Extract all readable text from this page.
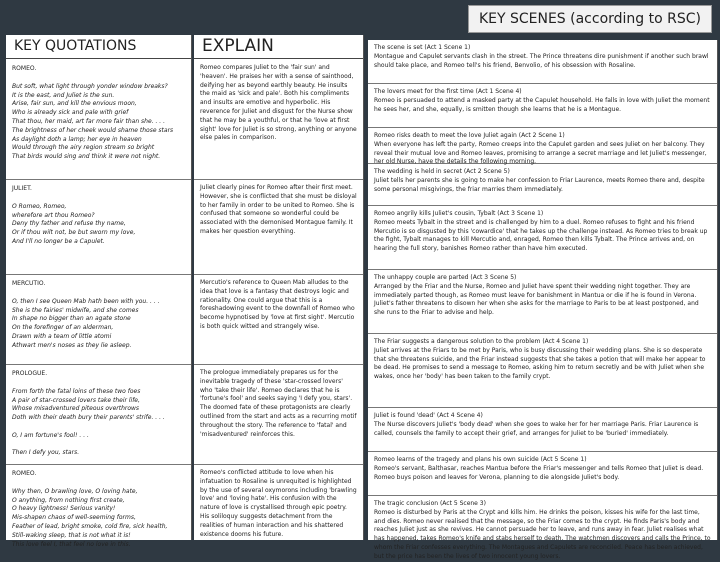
KEY SCENES (according to RSC)
KEY QUOTATIONS
ROMEO.
But soft, what light through yonder window breaks?
It is the east, and Juliet is the sun.
Arise, fair sun, and kill the envious moon,
Who is already sick and pale with grief
That thou, her maid, art far more fair than she. . . .
The brightness of her cheek would shame those stars
As daylight doth a lamp; her eye in heaven
Would through the airy region stream so bright
That birds would sing and think it were not night.
JULIET.
O Romeo, Romeo,
wherefore art thou Romeo?
Deny thy father and refuse thy name,
Or if thou wilt not, be but sworn my love,
And I'll no longer be a Capulet.
MERCUTIO.
O, then I see Queen Mab hath been with you. . . .
She is the fairies' midwife, and she comes
In shape no bigger than an agate stone
On the forefinger of an alderman,
Drawn with a team of little atomi
Athwart men's noses as they lie asleep.
PROLOGUE.
From forth the fatal loins of these two foes
A pair of star-crossed lovers take their life,
Whose misadventured piteous overthrows
Doth with their death bury their parents' strife. . . .

O, I am fortune's fool! . . .

Then I defy you, stars.
ROMEO.
Why then, O brawling love, O loving hate,
O anything, from nothing first create,
O heavy lightness! Serious vanity!
Mis-shapen chaos of well-seeming forms,
Feather of lead, bright smoke, cold fire, sick health,
Still-waking sleep, that is not what it is!
This love feel I, that feel no love in this.
EXPLAIN
Romeo compares Juliet to the 'fair sun' and 'heaven'. He praises her with a sense of sainthood, deifying her as beyond earthly beauty. He insults the maid as 'sick and pale'. Both his compliments and insults are emotive and hyperbolic. His reverence for Juliet and disgust for the Nurse show that he may be a youthful, or that he 'love at first sight' love for Juliet is so strong, anything or anyone else pales in comparison.
Juliet clearly pines for Romeo after their first meet. However, she is conflicted that she must be disloyal to her family in order to be united to Romeo. She is confused that someone so wonderful could be associated with the demonised Montague family. It makes her question everything.
Mercutio's reference to Queen Mab alludes to the idea that love is a fantasy that destroys logic and rationality. One could argue that this is a foreshadowing event to the downfall of Romeo who become hypnotised by 'love at first sight'. Mercutio is both quick witted and strangely wise.
The prologue immediately prepares us for the inevitable tragedy of these 'star-crossed lovers' who 'take their life'. Romeo declares that he is 'fortune's fool' and seeks saying 'I defy you, stars'. The doomed fate of these protagonists are clearly outlined from the start and acts as a recurring motif throughout the story. The reference to 'fatal' and 'misadventured' reinforces this.
Romeo's conflicted attitude to love when his infatuation to Rosaline is unrequited is highlighted by the use of several oxymorons including 'brawling love' and 'loving hate'. His confusion with the nature of love is crystallised through epic poetry. His soliloquy suggests detachment from the realities of human interaction and his shattered existence dooms his future.
The scene is set (Act 1 Scene 1)
Montague and Capulet servants clash in the street. The Prince threatens dire punishment if another such brawl should take place, and Romeo tell's his friend, Benvolio, of his obsession with Rosaline.
The lovers meet for the first time (Act 1 Scene 4)
Romeo is persuaded to attend a masked party at the Capulet household. He falls in love with Juliet the moment he sees her, and she, equally, is smitten though she learns that he is a Montague.
Romeo risks death to meet the love Juliet again (Act 2 Scene 1)
When everyone has left the party, Romeo creeps into the Capulet garden and sees Juliet on her balcony. They reveal their mutual love and Romeo leaves, promising to arrange a secret marriage and let Juliet's messenger, her old Nurse, have the details the following morning.
The wedding is held in secret (Act 2 Scene 5)
Juliet tells her parents she is going to make her confession to Friar Laurence, meets Romeo there and, despite some personal misgivings, the friar marries them immediately.
Romeo angrily kills Juliet's cousin, Tybalt (Act 3 Scene 1)
Romeo meets Tybalt in the street and is challenged by him to a duel. Romeo refuses to fight and his friend Mercutio is so disgusted by this 'cowardice' that he takes up the challenge instead. As Romeo tries to break up the fight, Tybalt manages to kill Mercutio and, enraged, Romeo then kills Tybalt. The Prince arrives and, on hearing the full story, banishes Romeo rather than have him executed.
The unhappy couple are parted (Act 3 Scene 5)
Arranged by the Friar and the Nurse, Romeo and Juliet have spent their wedding night together. They are immediately parted though, as Romeo must leave for banishment in Mantua or die if he is found in Verona. Juliet's father threatens to disown her when she asks for the marriage to Paris to be at least postponed, and she runs to the Friar to advise and help.
The Friar suggests a dangerous solution to the problem (Act 4 Scene 1)
Juliet arrives at the Friars to be met by Paris, who is busy discussing their wedding plans. She is so desperate that she threatens suicide, and the Friar instead suggests that she takes a potion that will make her appear to be dead. He promises to send a message to Romeo, asking him to return secretly and be with Juliet when she wakes, once her 'body' has been taken to the family crypt.
Juliet is found 'dead' (Act 4 Scene 4)
The Nurse discovers Juliet's 'body dead' when she goes to wake her for her marriage Paris. Friar Laurence is called, counsels the family to accept their grief, and arranges for Juliet to be 'buried' immediately.
Romeo learns of the tragedy and plans his own suicide (Act 5 Scene 1)
Romeo's servant, Balthasar, reaches Mantua before the Friar's messenger and tells Romeo that Juliet is dead. Romeo buys poison and leaves for Verona, planning to die alongside Juliet's body.
The tragic conclusion (Act 5 Scene 3)
Romeo is disturbed by Paris at the Crypt and kills him. He drinks the poison, kisses his wife for the last time, and dies. Romeo never realised that the message, so the Friar comes to the crypt. He finds Paris's body and reaches Juliet just as she revives. He cannot persuade her to leave, and runs away in fear. Juliet realises what has happened, takes Romeo's knife and stabs herself to death. The watchmen discovers and calls the Prince, to whom the Friar confesses everything. The Montagues and Capulets are reconciled. Peace has been achieved, but the price has been the lives of two innocent young lovers.
